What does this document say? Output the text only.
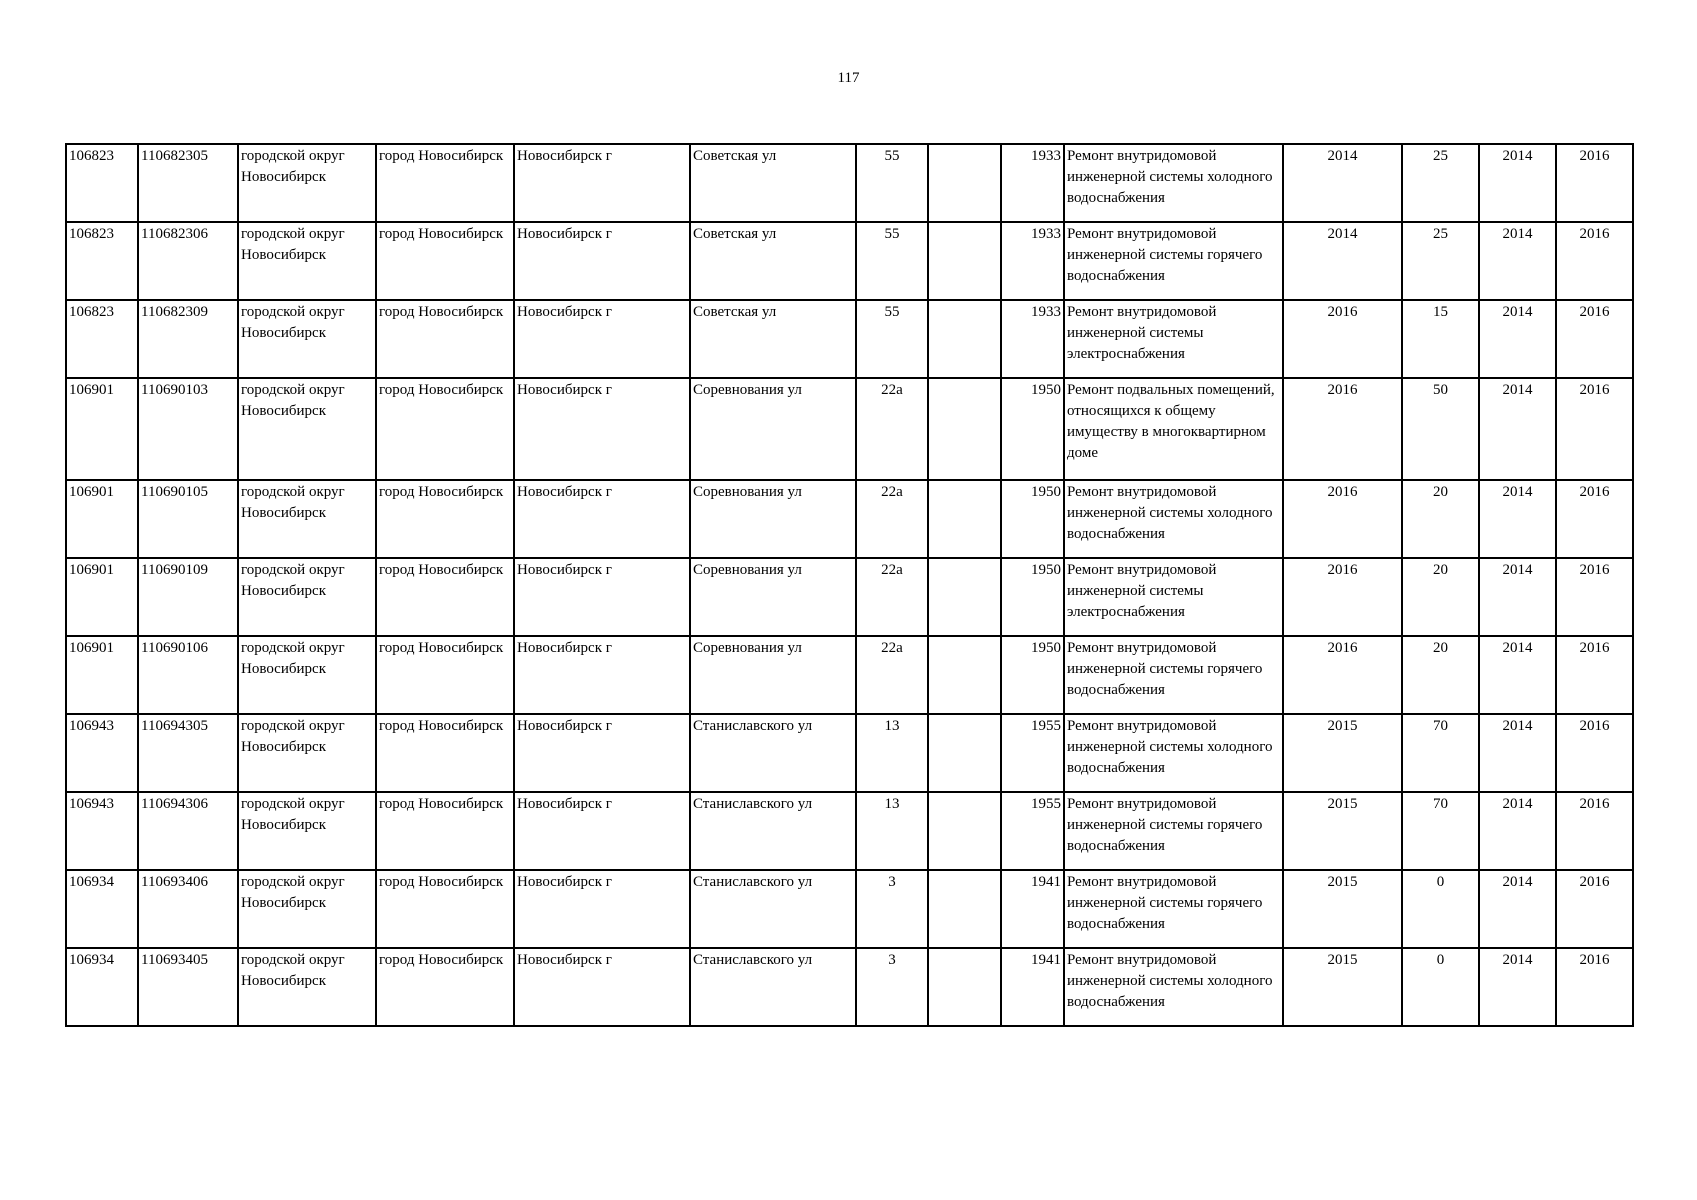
117
106823	110682305	городской округ Новосибирск	город Новосибирск	Новосибирск г	Советская ул	55		1933	Ремонт внутридомовой инженерной системы холодного водоснабжения	2014	25	2014	2016
106823	110682306	городской округ Новосибирск	город Новосибирск	Новосибирск г	Советская ул	55		1933	Ремонт внутридомовой инженерной системы горячего водоснабжения	2014	25	2014	2016
106823	110682309	городской округ Новосибирск	город Новосибирск	Новосибирск г	Советская ул	55		1933	Ремонт внутридомовой инженерной системы электроснабжения	2016	15	2014	2016
106901	110690103	городской округ Новосибирск	город Новосибирск	Новосибирск г	Соревнования ул	22а		1950	Ремонт подвальных помещений, относящихся к общему имуществу в многоквартирном доме	2016	50	2014	2016
106901	110690105	городской округ Новосибирск	город Новосибирск	Новосибирск г	Соревнования ул	22а		1950	Ремонт внутридомовой инженерной системы холодного водоснабжения	2016	20	2014	2016
106901	110690109	городской округ Новосибирск	город Новосибирск	Новосибирск г	Соревнования ул	22а		1950	Ремонт внутридомовой инженерной системы электроснабжения	2016	20	2014	2016
106901	110690106	городской округ Новосибирск	город Новосибирск	Новосибирск г	Соревнования ул	22а		1950	Ремонт внутридомовой инженерной системы горячего водоснабжения	2016	20	2014	2016
106943	110694305	городской округ Новосибирск	город Новосибирск	Новосибирск г	Станиславского ул	13		1955	Ремонт внутридомовой инженерной системы холодного водоснабжения	2015	70	2014	2016
106943	110694306	городской округ Новосибирск	город Новосибирск	Новосибирск г	Станиславского ул	13		1955	Ремонт внутридомовой инженерной системы горячего водоснабжения	2015	70	2014	2016
106934	110693406	городской округ Новосибирск	город Новосибирск	Новосибирск г	Станиславского ул	3		1941	Ремонт внутридомовой инженерной системы горячего водоснабжения	2015	0	2014	2016
106934	110693405	городской округ Новосибирск	город Новосибирск	Новосибирск г	Станиславского ул	3		1941	Ремонт внутридомовой инженерной системы холодного водоснабжения	2015	0	2014	2016
